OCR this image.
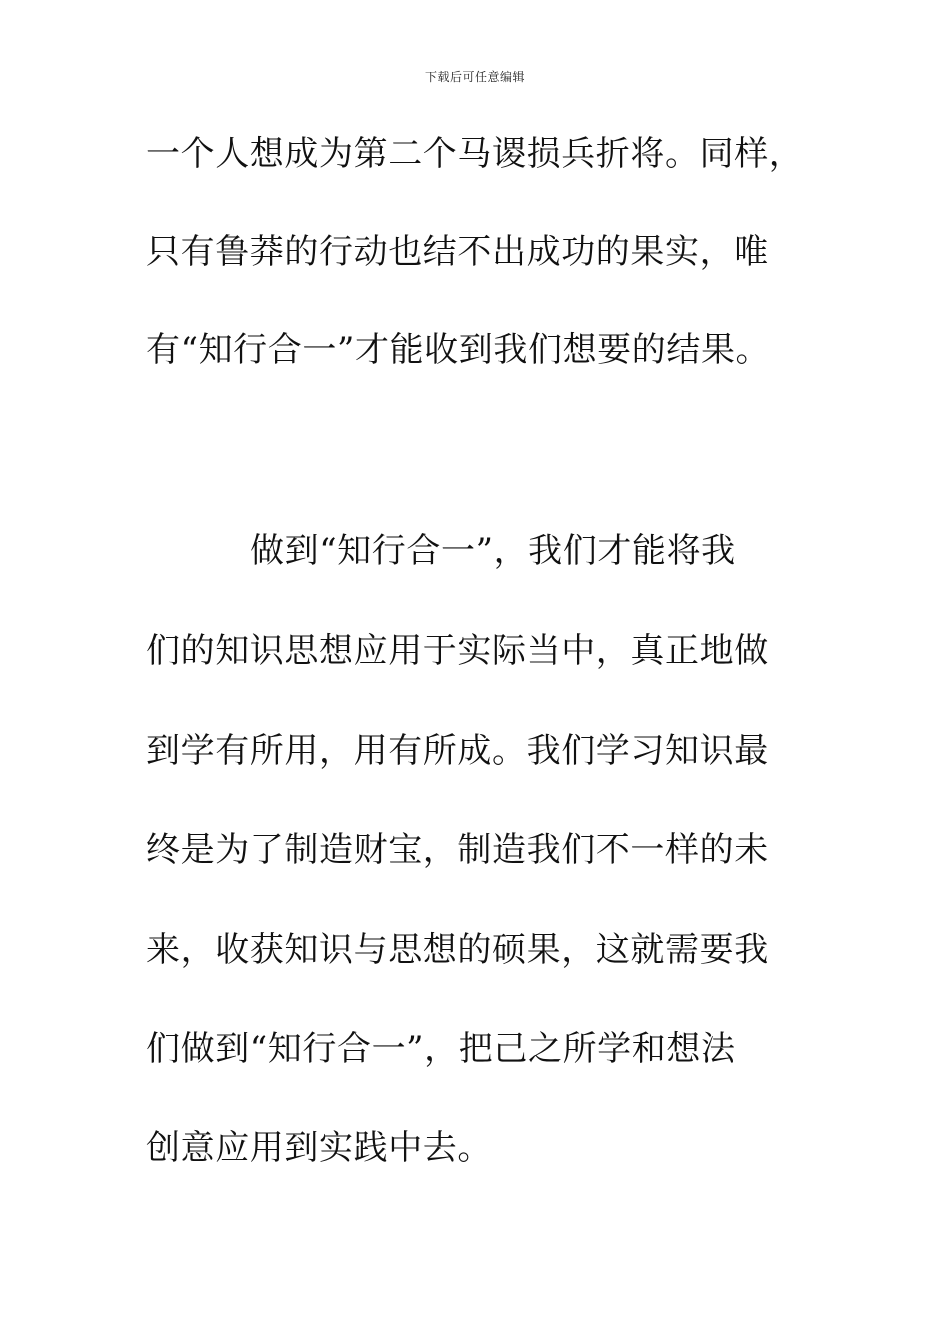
下载后可任意编辑
一个人想成为第二个马谡损兵折将。同样，
只有鲁莽的行动也结不出成功的果实，唯
有“知行合一”才能收到我们想要的结果。
做到“知行合一”，我们才能将我
们的知识思想应用于实际当中，真正地做
到学有所用，用有所成。我们学习知识最
终是为了制造财宝，制造我们不一样的未
来，收获知识与思想的硕果，这就需要我
们做到“知行合一”，把己之所学和想法
创意应用到实践中去。
